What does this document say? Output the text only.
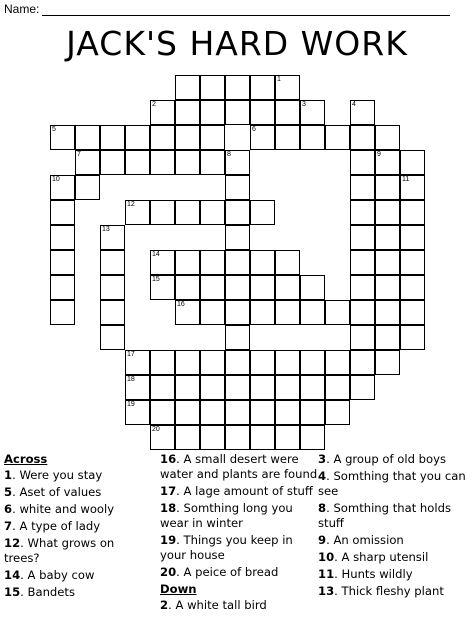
Name:
JACK'S HARD WORK
1
2	3	4
5	6
7	8	9
10	11
12
13
14
15
16
17
18
19
20
Across
1. Were you stay
5. Aset of values
6. white and wooly
7. A type of lady
12. What grows on trees?
14. A baby cow
15. Bandets
16. A small desert were water and plants are found
17. A lage amount of stuff
18. Somthing long you wear in winter
19. Things you keep in your house
20. A peice of bread
Down
2. A white tall bird
3. A group of old boys
4. Somthing that you can see
8. Somthing that holds stuff
9. An omission
10. A sharp utensil
11. Hunts wildly
13. Thick fleshy plant
